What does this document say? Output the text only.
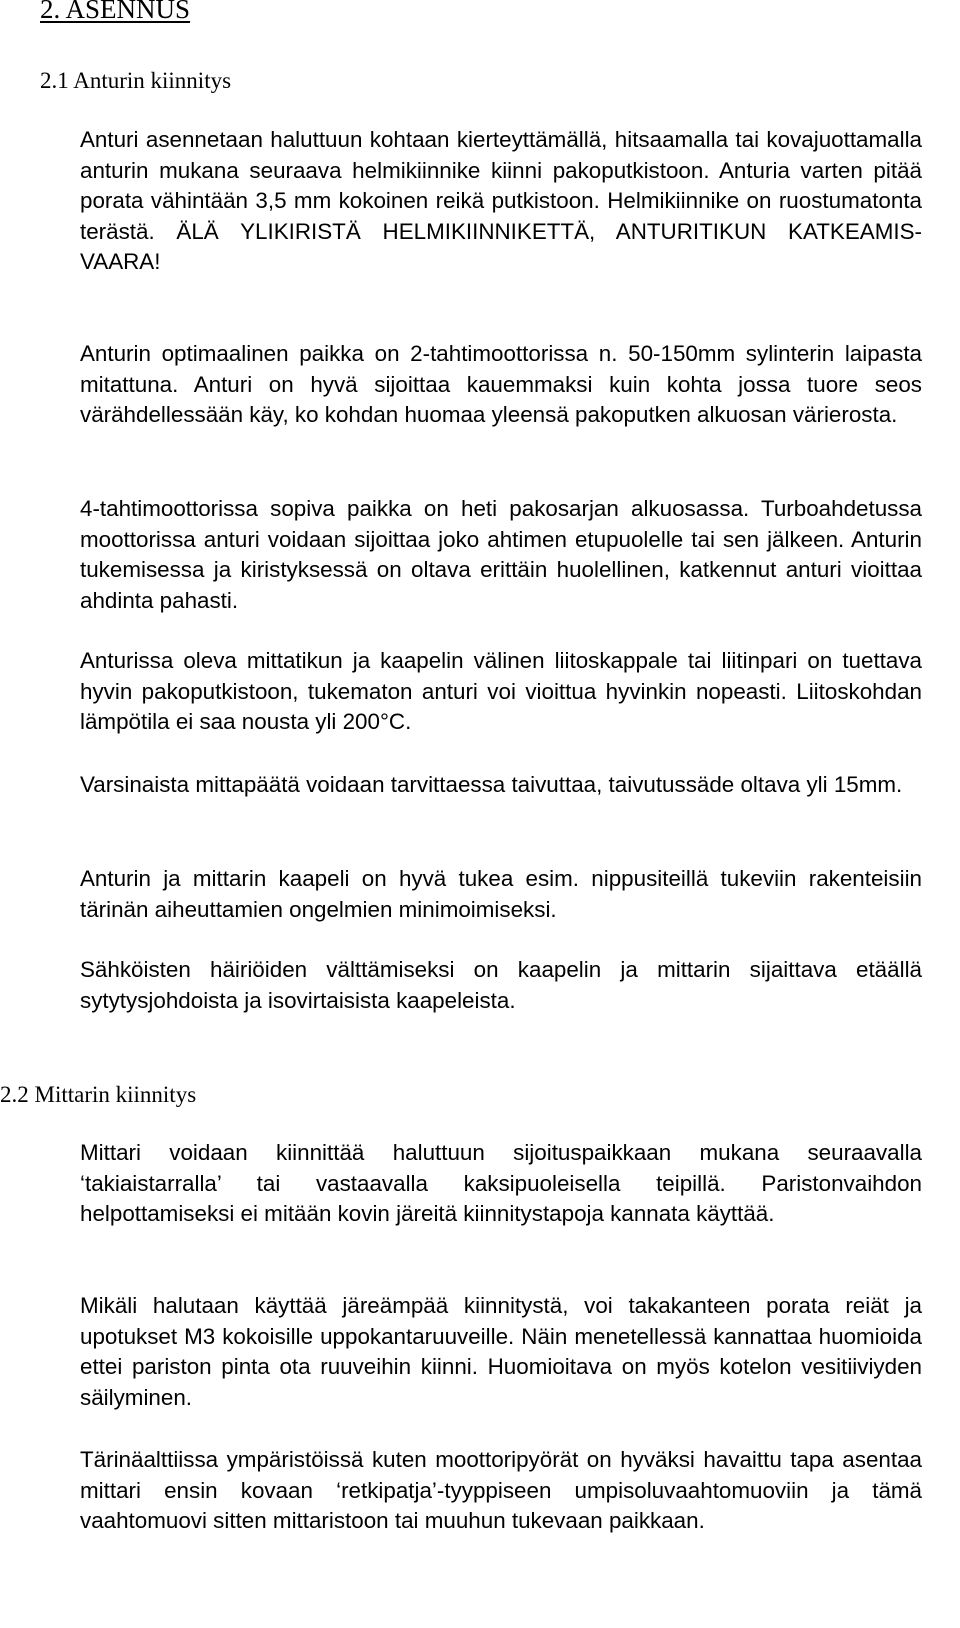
2. ASENNUS
2.1 Anturin kiinnitys

Anturi asennetaan haluttuun kohtaan kierteyttämällä, hitsaamalla tai kovajuottamalla anturin mukana seuraava helmikiinnike kiinni pakoputkistoon. Anturia varten pitää porata vähintään 3,5 mm kokoinen reikä putkistoon. Helmikiinnike on ruostumatonta terästä. ÄLÄ YLIKIRISTÄ HELMIKIINNIKETTÄ, ANTURITIKUN KATKEAMIS-VAARA!

Anturin optimaalinen paikka on 2-tahtimoottorissa n. 50-150mm sylinterin laipasta mitattuna. Anturi on hyvä sijoittaa kauemmaksi kuin kohta jossa tuore seos värähdellessään käy, ko kohdan huomaa yleensä pakoputken alkuosan värierosta.

4-tahtimoottorissa sopiva paikka on heti pakosarjan alkuosassa. Turboahdetussa moottorissa anturi voidaan sijoittaa joko ahtimen etupuolelle tai sen jälkeen. Anturin tukemisessa ja kiristyksessä on oltava erittäin huolellinen, katkennut anturi vioittaa ahdinta pahasti.

Anturissa oleva mittatikun ja kaapelin välinen liitoskappale tai liitinpari on tuettava hyvin pakoputkistoon, tukematon anturi voi vioittua hyvinkin nopeasti. Liitoskohdan lämpötila ei saa nousta yli 200°C.

Varsinaista mittapäätä voidaan tarvittaessa taivuttaa, taivutussäde oltava yli 15mm.

Anturin ja mittarin kaapeli on hyvä tukea esim. nippusiteillä tukeviin rakenteisiin tärinän aiheuttamien ongelmien minimoimiseksi.

Sähköisten häiriöiden välttämiseksi on kaapelin ja mittarin sijaittava etäällä sytytysjohdoista ja isovirtaisista kaapeleista.

2.2 Mittarin kiinnitys

Mittari voidaan kiinnittää haluttuun sijoituspaikkaan mukana seuraavalla ‘takiaistarralla’ tai vastaavalla kaksipuoleisella teipillä. Paristonvaihdon helpottamiseksi ei mitään kovin järeitä kiinnitystapoja kannata käyttää.

Mikäli halutaan käyttää järeämpää kiinnitystä, voi takakanteen porata reiät ja upotukset M3 kokoisille uppokantaruuveille. Näin menetellessä kannattaa huomioida ettei pariston pinta ota ruuveihin kiinni. Huomioitava on myös kotelon vesitiiviyden säilyminen.

Tärinäalttiissa ympäristöissä kuten moottoripyörät on hyväksi havaittu tapa asentaa mittari ensin kovaan ‘retkipatja’-tyyppiseen umpisoluvaahtomuoviin ja tämä vaahtomuovi sitten mittaristoon tai muuhun tukevaan paikkaan.
